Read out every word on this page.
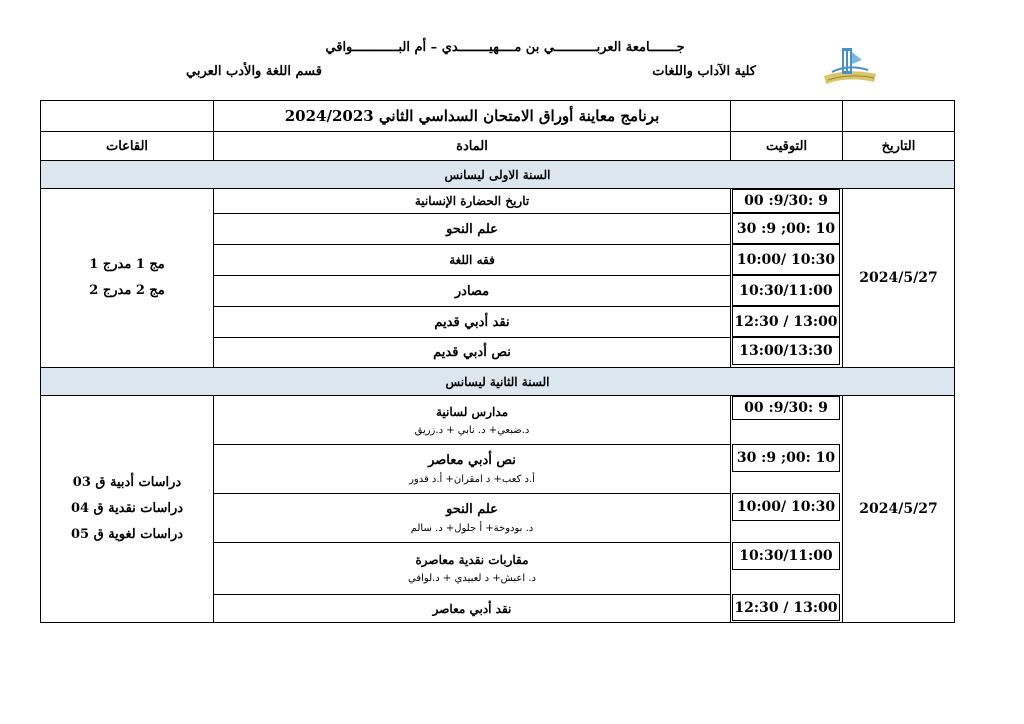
جـــــــامعة العربـــــــــــي بن مــــهيــــــــدي – أم البــــــــــــواقي
كلية الآداب واللغات
قسم اللغة والأدب العربي
برنامج معاينة أوراق الامتحان السداسي الثاني 2024/2023
التاريخ
التوقيت
المادة
القاعات
السنة الاولى ليسانس
2024/5/27
مج 1 مدرج 1
مج 2 مدرج 2
تاريخ الحضارة الإنسانية
علم النحو
فقه اللغة
مصادر
نقد أدبي قديم
نص أدبي قديم
00 :9/30: 9
30 :9 ;00: 10
10:00/ 10:30
10:30/11:00
12:30 / 13:00
13:00/13:30
السنة الثانية ليسانس
2024/5/27
دراسات أدبية ق 03
دراسات نقدية ق 04
دراسات لغوية ق 05
مدارس لسانية
د.ضبعي+ د. نابي + د.زريق
نص أدبي معاصر
أ.د كعب+ د امقران+ أ.د قدور
علم النحو
د. بودوخة+ أ جلول+ د. سالم
مقاربات نقدية معاصرة
د. اعبش+ د لعبيدي + د.لوافي
نقد أدبي معاصر
00 :9/30: 9
30 :9 ;00: 10
10:00/ 10:30
10:30/11:00
12:30 / 13:00
